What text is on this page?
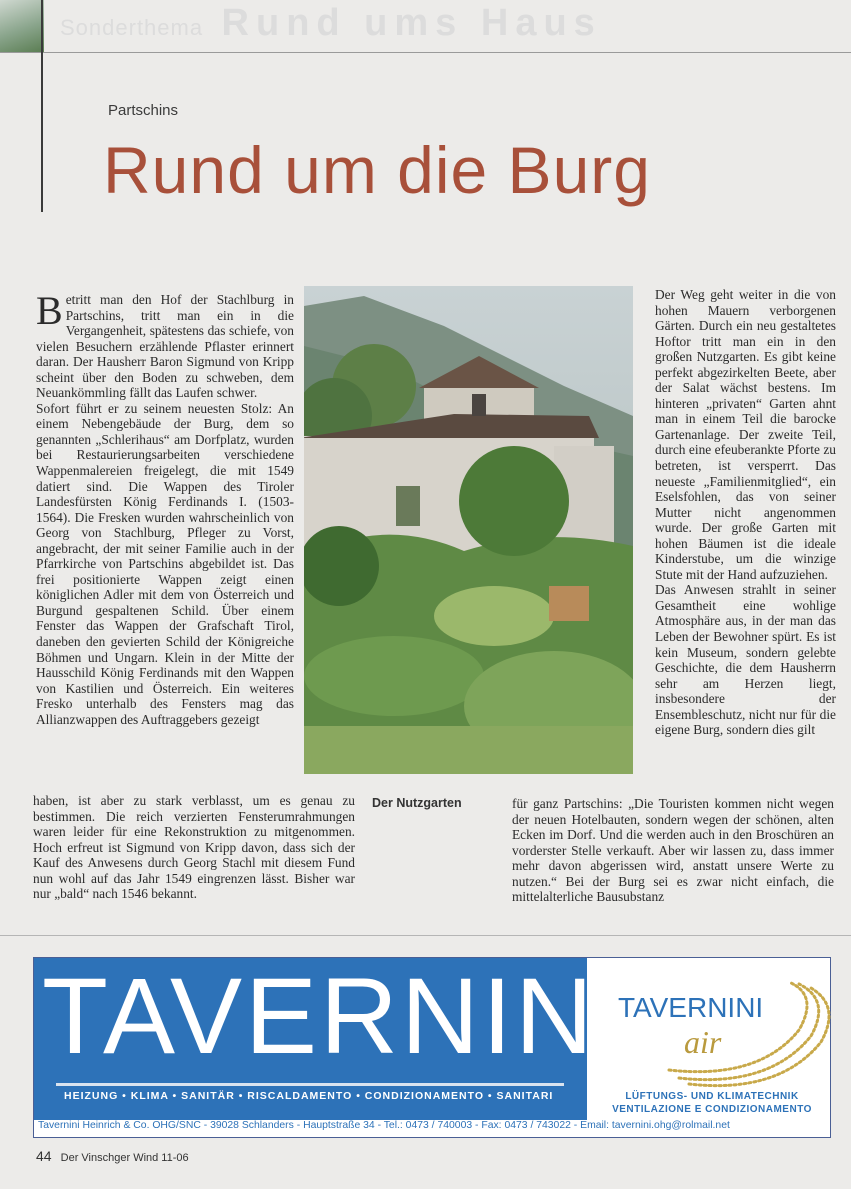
Sonderthema Rund ums Haus
Partschins
Rund um die Burg

Betritt man den Hof der Stachlburg in Partschins, tritt man ein in die Vergangenheit, spätestens das schiefe, von vielen Besuchern erzählende Pflaster erinnert daran. Der Hausherr Baron Sigmund von Kripp scheint über den Boden zu schweben, dem Neuankömmling fällt das Laufen schwer.

Sofort führt er zu seinem neuesten Stolz: An einem Nebengebäude der Burg, dem so genannten „Schlerihaus“ am Dorfplatz, wurden bei Restaurierungsarbeiten verschiedene Wappenmalereien freigelegt, die mit 1549 datiert sind. Die Wappen des Tiroler Landesfürsten König Ferdinands I. (1503-1564). Die Fresken wurden wahrscheinlich von Georg von Stachlburg, Pfleger zu Vorst, angebracht, der mit seiner Familie auch in der Pfarrkirche von Partschins abgebildet ist. Das frei positionierte Wappen zeigt einen königlichen Adler mit dem von Österreich und Burgund gespaltenen Schild. Über einem Fenster das Wappen der Grafschaft Tirol, daneben den gevierten Schild der Königreiche Böhmen und Ungarn. Klein in der Mitte der Hausschild König Ferdinands mit den Wappen von Kastilien und Österreich. Ein weiteres Fresko unterhalb des Fensters mag das Allianzwappen des Auftraggebers gezeigt

haben, ist aber zu stark verblasst, um es genau zu bestimmen. Die reich verzierten Fensterumrahmungen waren leider für eine Rekonstruktion zu mitgenommen. Hoch erfreut ist Sigmund von Kripp davon, dass sich der Kauf des Anwesens durch Georg Stachl mit diesem Fund nun wohl auf das Jahr 1549 eingrenzen lässt. Bisher war nur „bald“ nach 1546 bekannt.

Der Nutzgarten

Der Weg geht weiter in die von hohen Mauern verborgenen Gärten. Durch ein neu gestaltetes Hoftor tritt man ein in den großen Nutzgarten. Es gibt keine perfekt abgezirkelten Beete, aber der Salat wächst bestens. Im hinteren „privaten“ Garten ahnt man in einem Teil die barocke Gartenanlage. Der zweite Teil, durch eine efeuberankte Pforte zu betreten, ist versperrt. Das neueste „Familienmitglied“, ein Eselsfohlen, das von seiner Mutter nicht angenommen wurde. Der große Garten mit hohen Bäumen ist die ideale Kinderstube, um die winzige Stute mit der Hand aufzuziehen.

Das Anwesen strahlt in seiner Gesamtheit eine wohlige Atmosphäre aus, in der man das Leben der Bewohner spürt. Es ist kein Museum, sondern gelebte Geschichte, die dem Hausherrn sehr am Herzen liegt, insbesondere der Ensembleschutz, nicht nur für die eigene Burg, sondern dies gilt

für ganz Partschins: „Die Touristen kommen nicht wegen der neuen Hotelbauten, sondern wegen der schönen, alten Ecken im Dorf. Und die werden auch in den Broschüren an vorderster Stelle verkauft. Aber wir lassen zu, dass immer mehr davon abgerissen wird, anstatt unsere Werte zu nutzen.“ Bei der Burg sei es zwar nicht einfach, die mittelalterliche Bausubstanz

TAVERNINI
HEIZUNG • KLIMA • SANITÄR • RISCALDAMENTO • CONDIZIONAMENTO • SANITARI
TAVERNINI
air
LÜFTUNGS- UND KLIMATECHNIK
VENTILAZIONE E CONDIZIONAMENTO
Tavernini Heinrich & Co. OHG/SNC - 39028 Schlanders - Hauptstraße 34 - Tel.: 0473 / 740003 - Fax: 0473 / 743022 - Email: tavernini.ohg@rolmail.net
44 Der Vinschger Wind 11-06
